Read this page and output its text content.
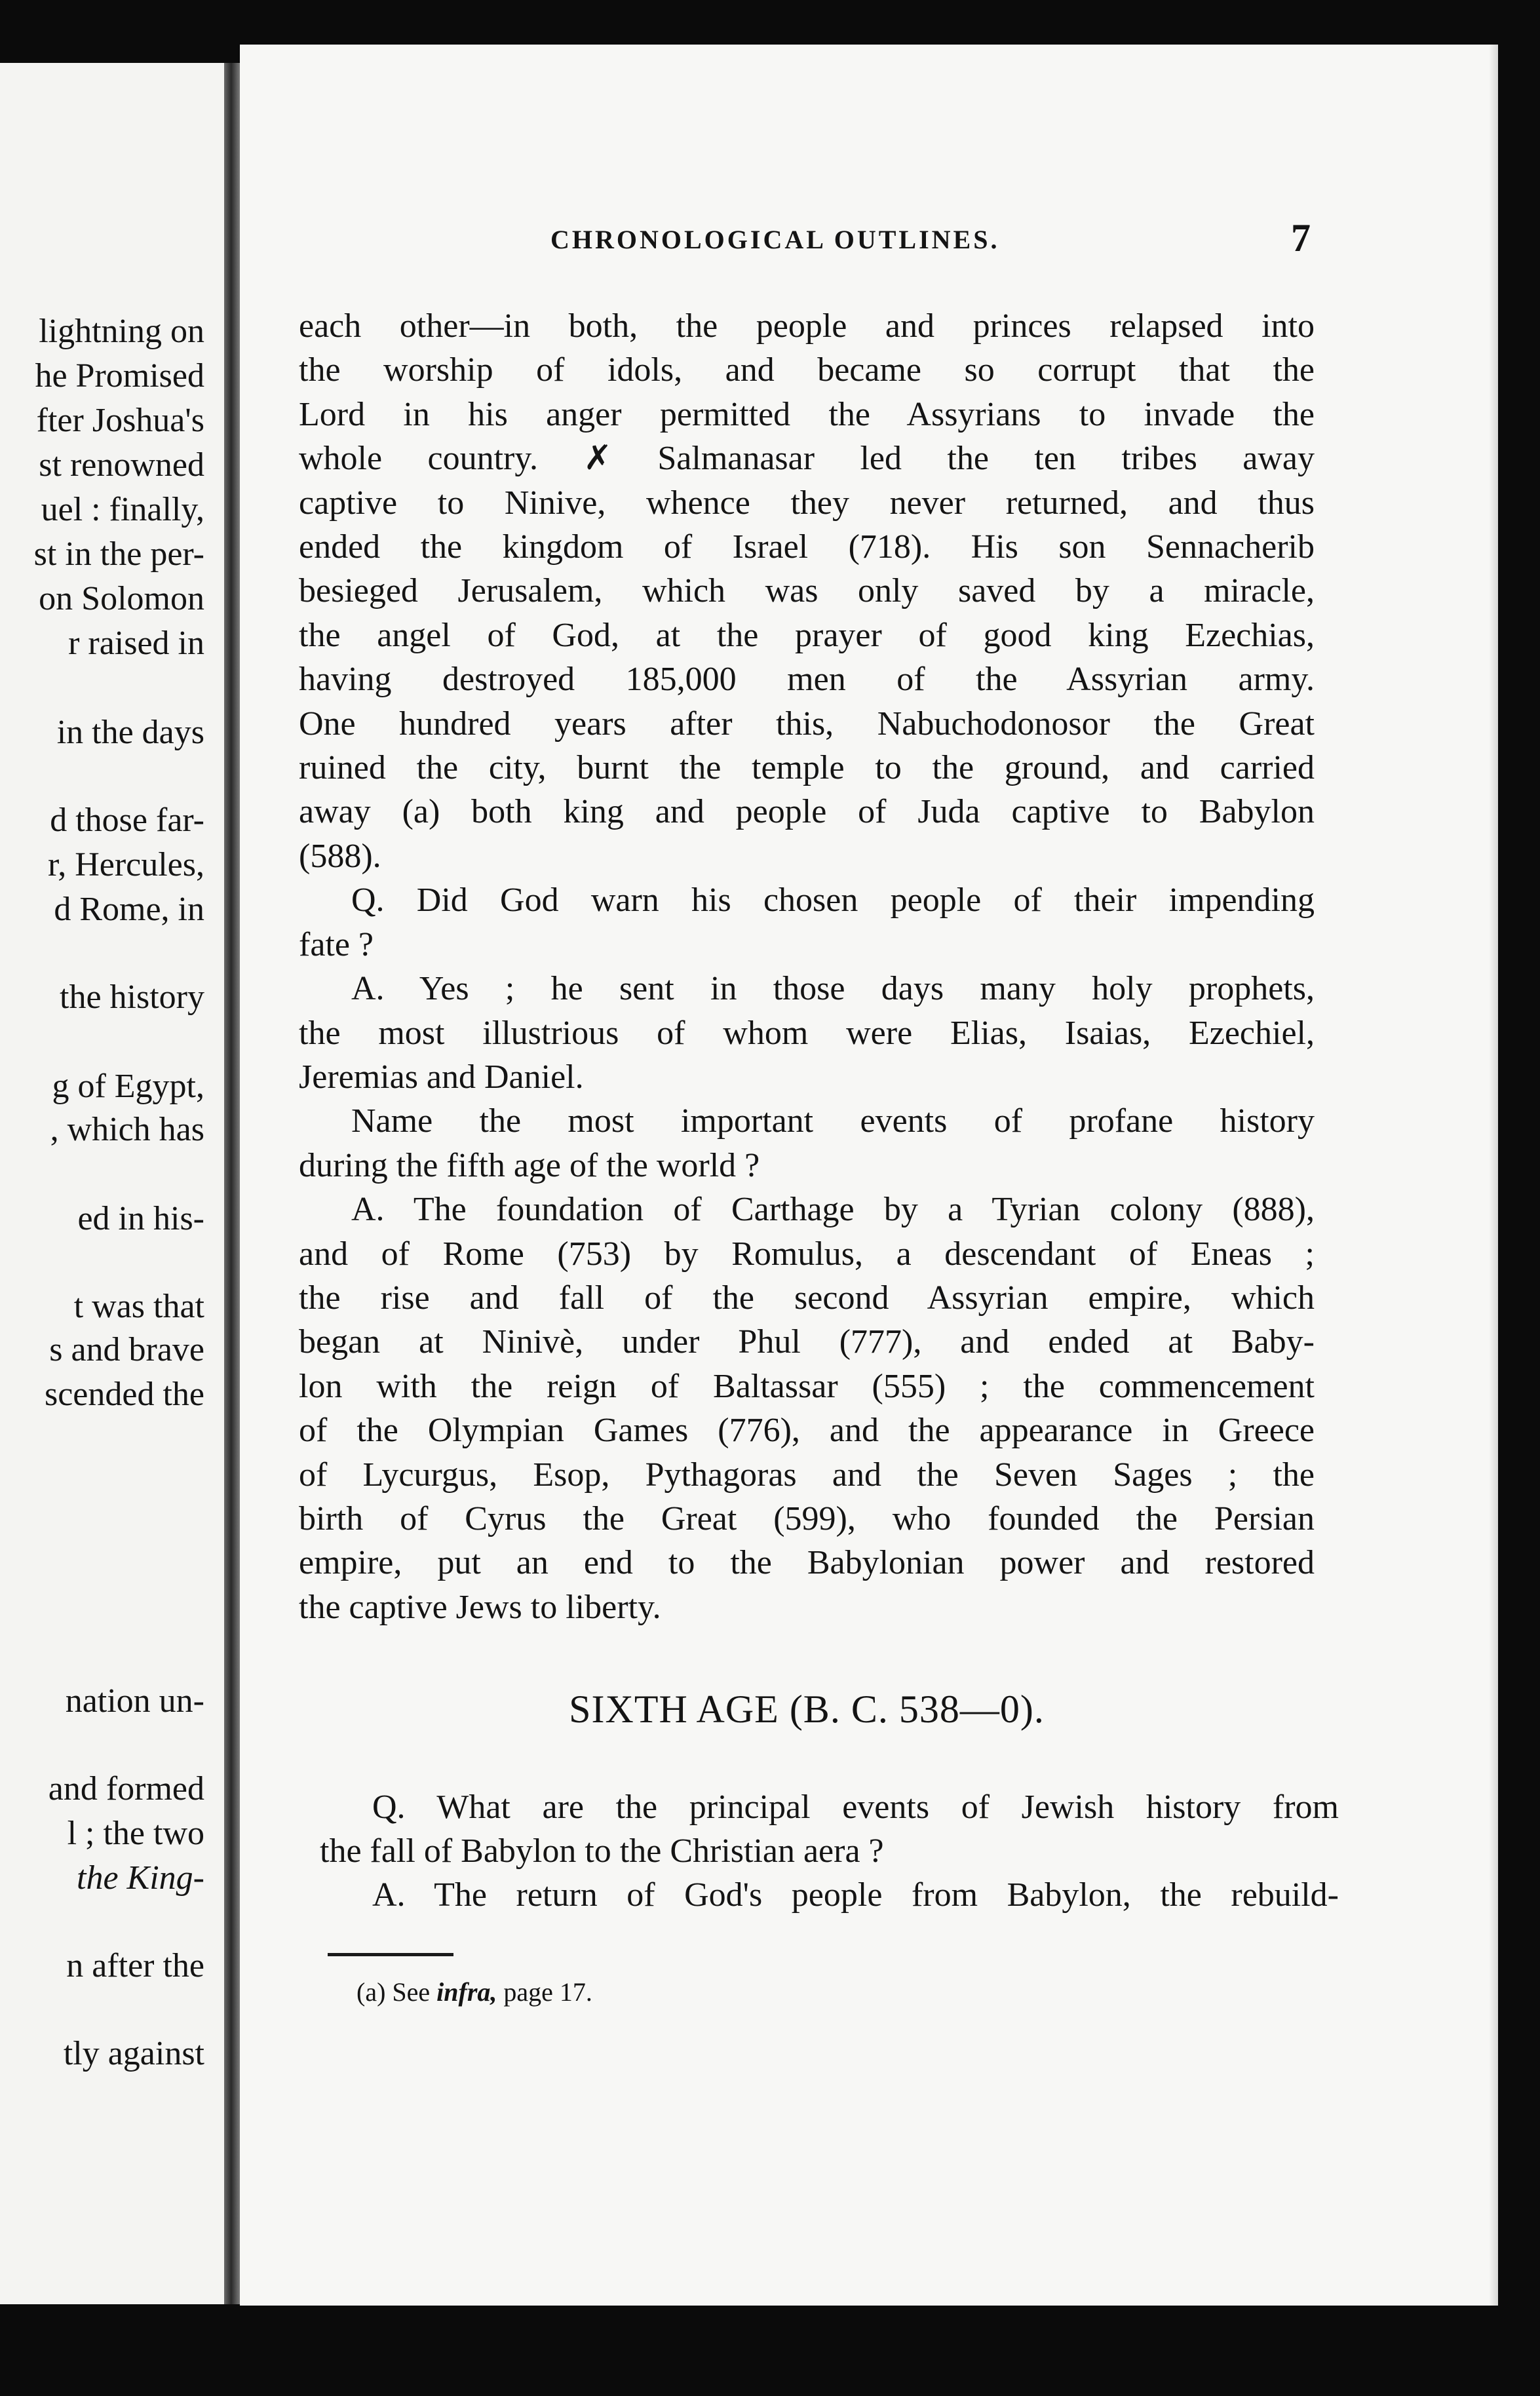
lightning on
he Promised
fter Joshua's
st renowned
uel : finally,
st in the per-
on Solomon
r raised in
in the days
d those far-
r, Hercules,
d Rome, in
the history
g of Egypt,
, which has
ed in his-
t was that
s and brave
scended the
nation un-
and formed
l ; the two
the King-
n after the
tly against
CHRONOLOGICAL OUTLINES.	7
each other—in both, the people and princes relapsed into
the worship of idols, and became so corrupt that the
Lord in his anger permitted the Assyrians to invade the
whole country. ✗ Salmanasar led the ten tribes away
captive to Ninive, whence they never returned, and thus
ended the kingdom of Israel (718). His son Sennacherib
besieged Jerusalem, which was only saved by a miracle,
the angel of God, at the prayer of good king Ezechias,
having destroyed 185,000 men of the Assyrian army.
One hundred years after this, Nabuchodonosor the Great
ruined the city, burnt the temple to the ground, and carried
away (a) both king and people of Juda captive to Babylon
(588).
Q. Did God warn his chosen people of their impending
fate ?
A. Yes ; he sent in those days many holy prophets,
the most illustrious of whom were Elias, Isaias, Ezechiel,
Jeremias and Daniel.
Name the most important events of profane history
during the fifth age of the world ?
A. The foundation of Carthage by a Tyrian colony (888),
and of Rome (753) by Romulus, a descendant of Eneas ;
the rise and fall of the second Assyrian empire, which
began at Ninivè, under Phul (777), and ended at Baby-
lon with the reign of Baltassar (555) ; the commencement
of the Olympian Games (776), and the appearance in Greece
of Lycurgus, Esop, Pythagoras and the Seven Sages ; the
birth of Cyrus the Great (599), who founded the Persian
empire, put an end to the Babylonian power and restored
the captive Jews to liberty.
SIXTH AGE (B. C. 538—0).
Q. What are the principal events of Jewish history from
the fall of Babylon to the Christian aera ?
A. The return of God's people from Babylon, the rebuild-
(a) See infra, page 17.
